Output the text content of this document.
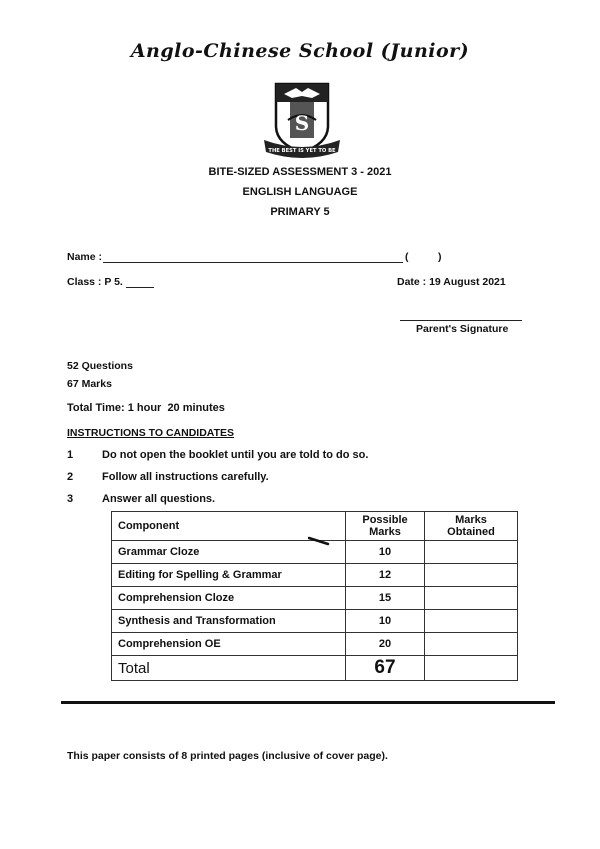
Anglo-Chinese School (Junior)
S
THE BEST IS YET TO BE
BITE-SIZED ASSESSMENT 3 - 2021
ENGLISH LANGUAGE
PRIMARY 5
Name :	(	)
Class : P 5.	Date : 19 August 2021
Parent's Signature
52 Questions
67 Marks
Total Time: 1 hour  20 minutes
INSTRUCTIONS TO CANDIDATES
1	Do not open the booklet until you are told to do so.
2	Follow all instructions carefully.
3	Answer all questions.
Component	Possible Marks	Marks Obtained
Grammar Cloze	10	
Editing for Spelling & Grammar	12	
Comprehension Cloze	15	
Synthesis and Transformation	10	
Comprehension OE	20	
Total	67	
This paper consists of 8 printed pages (inclusive of cover page).
